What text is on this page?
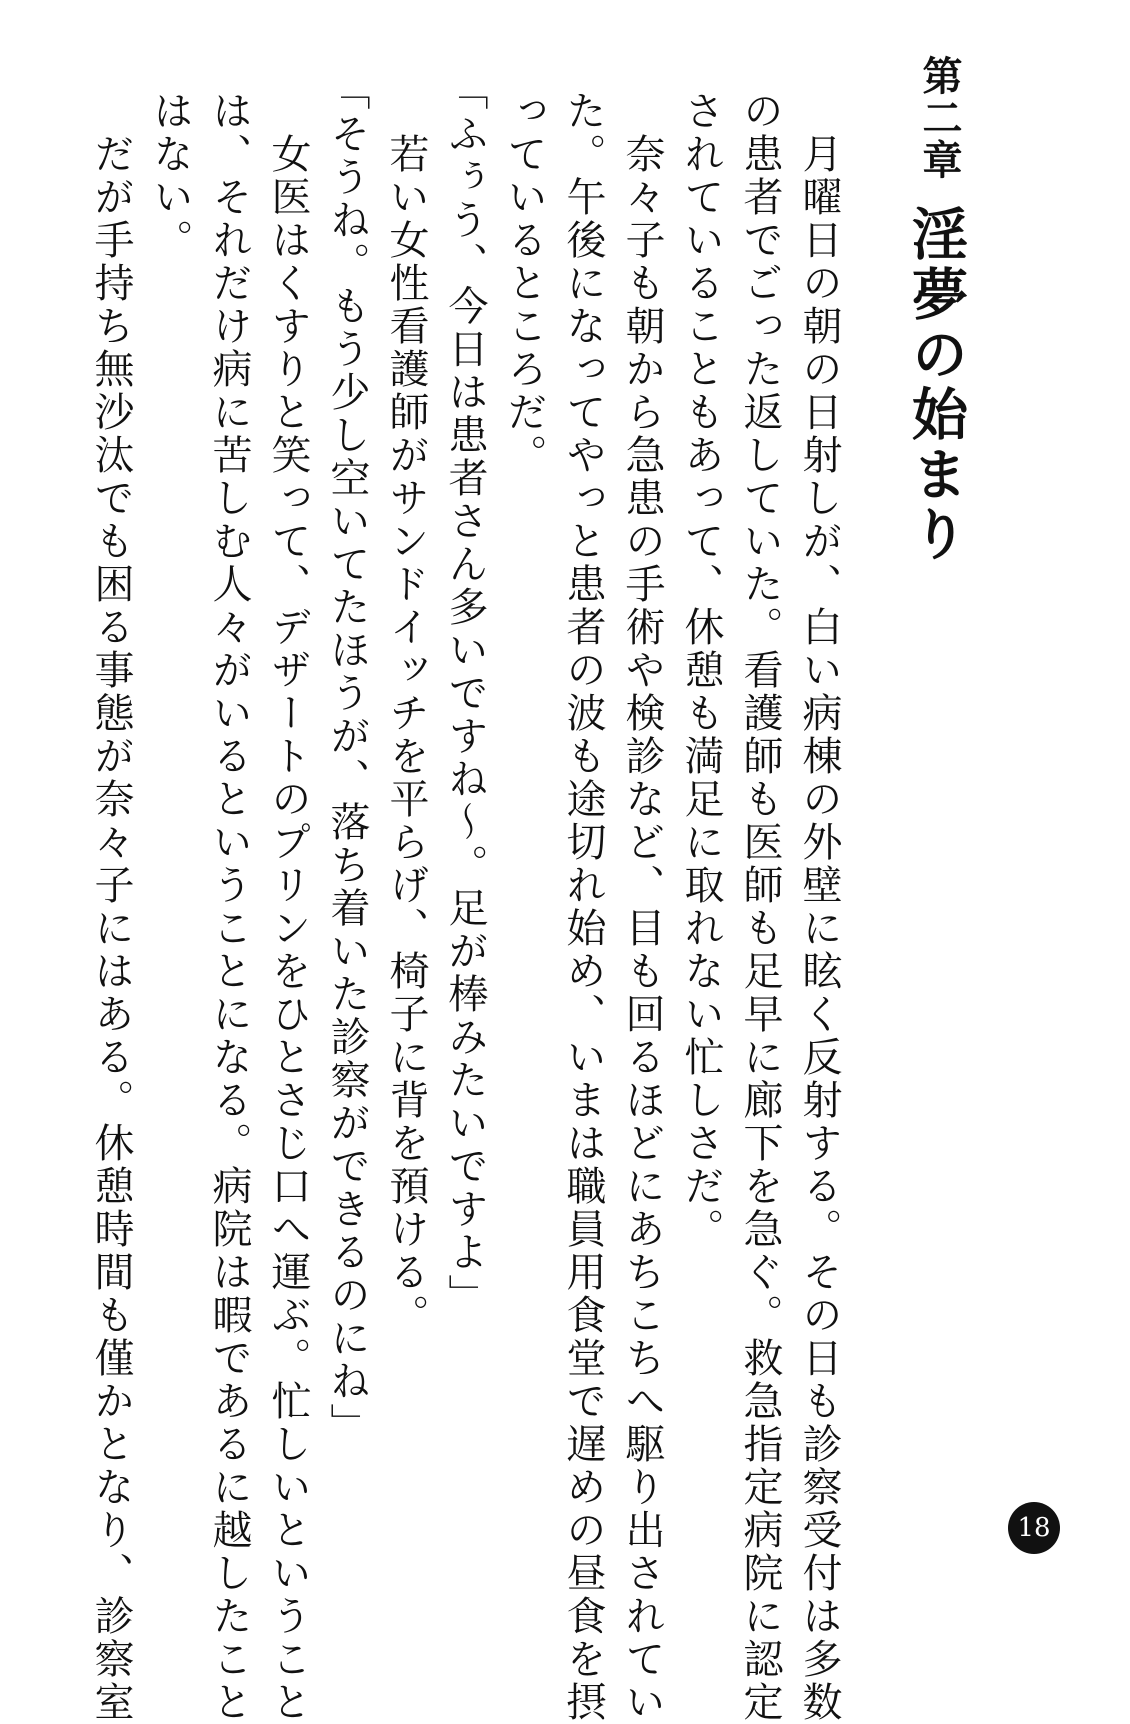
第二章
淫夢の始まり
　月曜日の朝の日射しが、白い病棟の外壁に眩く反射する。その日も診察受付は多数
の患者でごった返していた。看護師も医師も足早に廊下を急ぐ。救急指定病院に認定
されていることもあって、休憩も満足に取れない忙しさだ。
　奈々子も朝から急患の手術や検診など、目も回るほどにあちこちへ駆り出されてい
た。午後になってやっと患者の波も途切れ始め、いまは職員用食堂で遅めの昼食を摂
っているところだ。
「ふぅう、今日は患者さん多いですね～。足が棒みたいですよ」
　若い女性看護師がサンドイッチを平らげ、椅子に背を預ける。
「そうね。もう少し空いてたほうが、落ち着いた診察ができるのにね」
　女医はくすりと笑って、デザートのプリンをひとさじ口へ運ぶ。忙しいということ
は、それだけ病に苦しむ人々がいるということになる。病院は暇であるに越したこと
はない。
　だが手持ち無沙汰でも困る事態が奈々子にはある。休憩時間も僅かとなり、診察室	18
